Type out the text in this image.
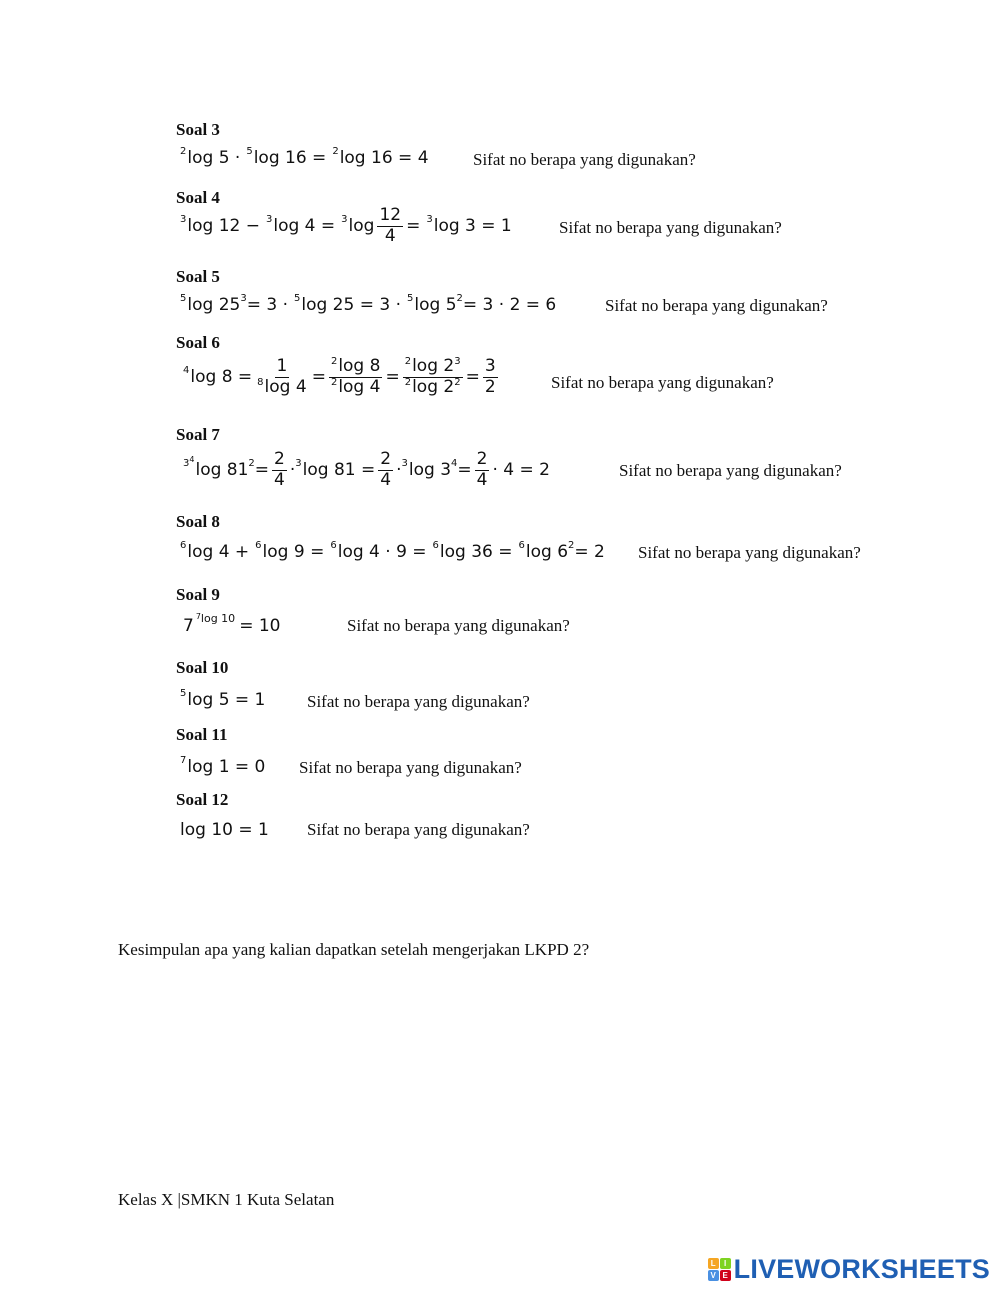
Soal 3
2 log 5 · 5 log 16 = 2 log 16 = 4	Sifat no berapa yang digunakan?
Soal 4
3 log 12 − 3 log 4 = 3 $\log \frac{12}{4} = 3$ log 3 = 1	Sifat no berapa yang digunakan?
Soal 5
5 $\log 25^3 = 3 \cdot 5$ log 25 = 3 · 5 $\log 5^2 = 3 \cdot 2 = 6$	Sifat no berapa yang digunakan?
Soal 6
4 $\log 8 = \frac{1}{^8\log 4} = \frac{^2\log 8}{^2\log 4} = \frac{^2\log 2^3}{^2\log 2^2} = \frac{3}{2}$	Sifat no berapa yang digunakan?
Soal 7
$3^4$
$\log 81^2 = \frac{2}{4} \cdot 3$ $\log 81 = \frac{2}{4} \cdot 3$ $\log 3^4 = \frac{2}{4} \cdot 4 = 2$	Sifat no berapa yang digunakan?
Soal 8
6 log 4 + 6 log 9 = 6 log 4 · 9 = 6 log 36 = 6 $\log 6^2 = 2$ Sifat no berapa yang digunakan?
Soal 9
7 $^7$log 10 = 10	Sifat no berapa yang digunakan?
Soal 10
5 log 5 = 1 Sifat no berapa yang digunakan?
Soal 11
7 log 1 = 0 Sifat no berapa yang digunakan?
Soal 12
log 10 = 1 Sifat no berapa yang digunakan?
Kesimpulan apa yang kalian dapatkan setelah mengerjakan LKPD 2?
Kelas X |SMKN 1 Kuta Selatan
L	I
V E LIVEWORKSHEETS
